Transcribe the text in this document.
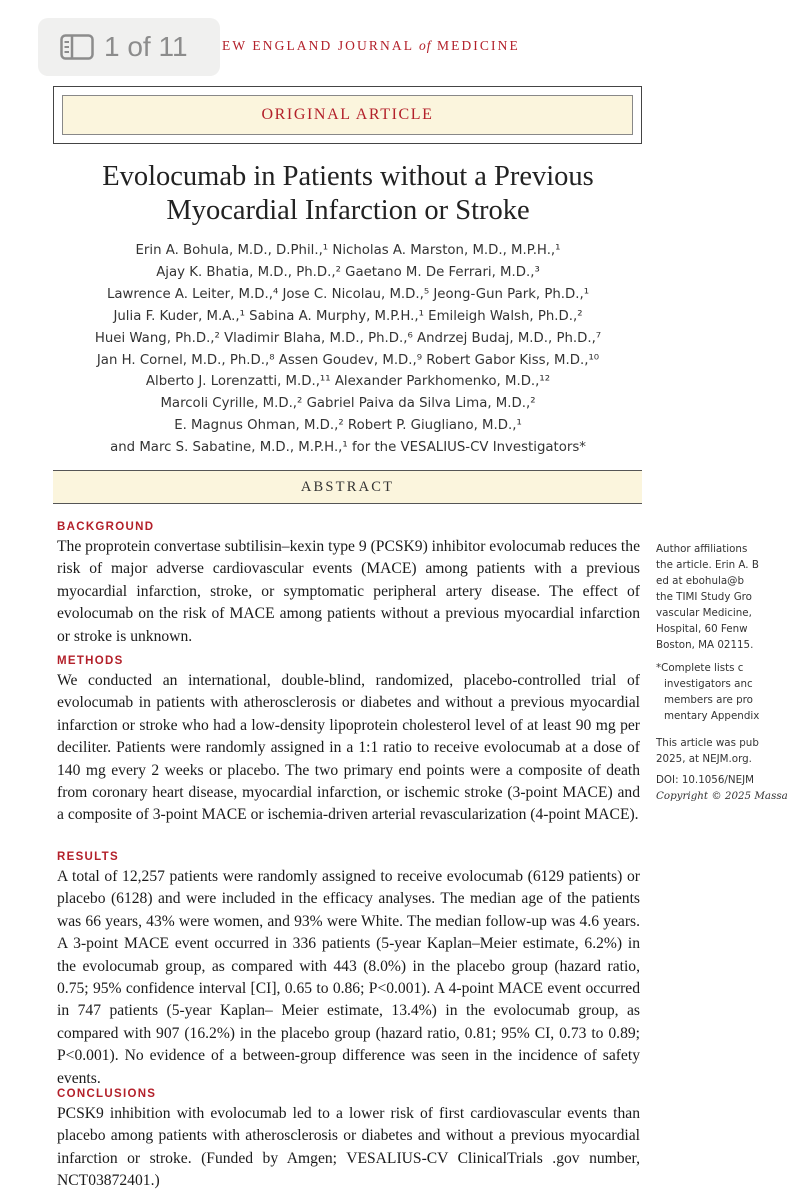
1 of 11	EW ENGLAND JOURNAL of MEDICINE
ORIGINAL ARTICLE
Evolocumab in Patients without a Previous
Myocardial Infarction or Stroke
Erin A. Bohula, M.D., D.Phil.,¹ Nicholas A. Marston, M.D., M.P.H.,¹
Ajay K. Bhatia, M.D., Ph.D.,² Gaetano M. De Ferrari, M.D.,³
Lawrence A. Leiter, M.D.,⁴ Jose C. Nicolau, M.D.,⁵ Jeong-Gun Park, Ph.D.,¹
Julia F. Kuder, M.A.,¹ Sabina A. Murphy, M.P.H.,¹ Emileigh Walsh, Ph.D.,²
Huei Wang, Ph.D.,² Vladimir Blaha, M.D., Ph.D.,⁶ Andrzej Budaj, M.D., Ph.D.,⁷
Jan H. Cornel, M.D., Ph.D.,⁸ Assen Goudev, M.D.,⁹ Robert Gabor Kiss, M.D.,¹⁰
Alberto J. Lorenzatti, M.D.,¹¹ Alexander Parkhomenko, M.D.,¹²
Marcoli Cyrille, M.D.,² Gabriel Paiva da Silva Lima, M.D.,²
E. Magnus Ohman, M.D.,² Robert P. Giugliano, M.D.,¹
and Marc S. Sabatine, M.D., M.P.H.,¹ for the VESALIUS-CV Investigators*
ABSTRACT
BACKGROUND
The proprotein convertase subtilisin–kexin type 9 (PCSK9) inhibitor evolocumab reduces the risk of major adverse cardiovascular events (MACE) among patients with a previous myocardial infarction, stroke, or symptomatic peripheral artery disease. The effect of evolocumab on the risk of MACE among patients without a previous myocardial infarction or stroke is unknown.
METHODS
We conducted an international, double-blind, randomized, placebo-controlled trial of evolocumab in patients with atherosclerosis or diabetes and without a previous myocardial infarction or stroke who had a low-density lipoprotein cholesterol level of at least 90 mg per deciliter. Patients were randomly assigned in a 1:1 ratio to receive evolocumab at a dose of 140 mg every 2 weeks or placebo. The two primary end points were a composite of death from coronary heart disease, myocardial infarction, or ischemic stroke (3-point MACE) and a composite of 3-point MACE or ischemia-driven arterial revascularization (4-point MACE).
RESULTS
A total of 12,257 patients were randomly assigned to receive evolocumab (6129 patients) or placebo (6128) and were included in the efficacy analyses. The median age of the patients was 66 years, 43% were women, and 93% were White. The median follow-up was 4.6 years. A 3-point MACE event occurred in 336 patients (5-year Kaplan–Meier estimate, 6.2%) in the evolocumab group, as compared with 443 (8.0%) in the placebo group (hazard ratio, 0.75; 95% confidence interval [CI], 0.65 to 0.86; P<0.001). A 4-point MACE event occurred in 747 patients (5-year Kaplan– Meier estimate, 13.4%) in the evolocumab group, as compared with 907 (16.2%) in the placebo group (hazard ratio, 0.81; 95% CI, 0.73 to 0.89; P<0.001). No evidence of a between-group difference was seen in the incidence of safety events.
CONCLUSIONS
PCSK9 inhibition with evolocumab led to a lower risk of first cardiovascular events than placebo among patients with atherosclerosis or diabetes and without a previous myocardial infarction or stroke. (Funded by Amgen; VESALIUS-CV ClinicalTrials .gov number, NCT03872401.)
Author affiliations
the article. Erin A. B
ed at ebohula@b
the TIMI Study Gro
vascular Medicine,
Hospital, 60 Fenw
Boston, MA 02115.
*Complete lists c
investigators anc
members are pro
mentary Appendix
This article was pub
2025, at NEJM.org.
DOI: 10.1056/NEJM
Copyright © 2025 Massa
